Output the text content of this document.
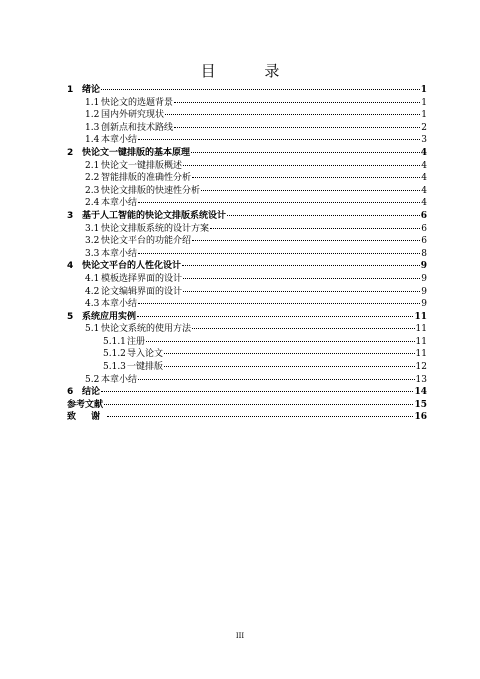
目 录
1 绪论	1
1.1 快论文的选题背景	1
1.2 国内外研究现状	1
1.3 创新点和技术路线	2
1.4 本章小结	3
2 快论文一键排版的基本原理	4
2.1 快论文一键排版概述	4
2.2 智能排版的准确性分析	4
2.3 快论文排版的快速性分析	4
2.4 本章小结	4
3 基于人工智能的快论文排版系统设计	6
3.1 快论文排版系统的设计方案	6
3.2 快论文平台的功能介绍	6
3.3 本章小结	8
4 快论文平台的人性化设计	9
4.1 模板选择界面的设计	9
4.2 论文编辑界面的设计	9
4.3 本章小结	9
5 系统应用实例	11
5.1 快论文系统的使用方法	11
5.1.1 注册	11
5.1.2 导入论文	11
5.1.3 一键排版	12
5.2 本章小结	13
6 结论	14
参考文献	15
致 谢	16
III
